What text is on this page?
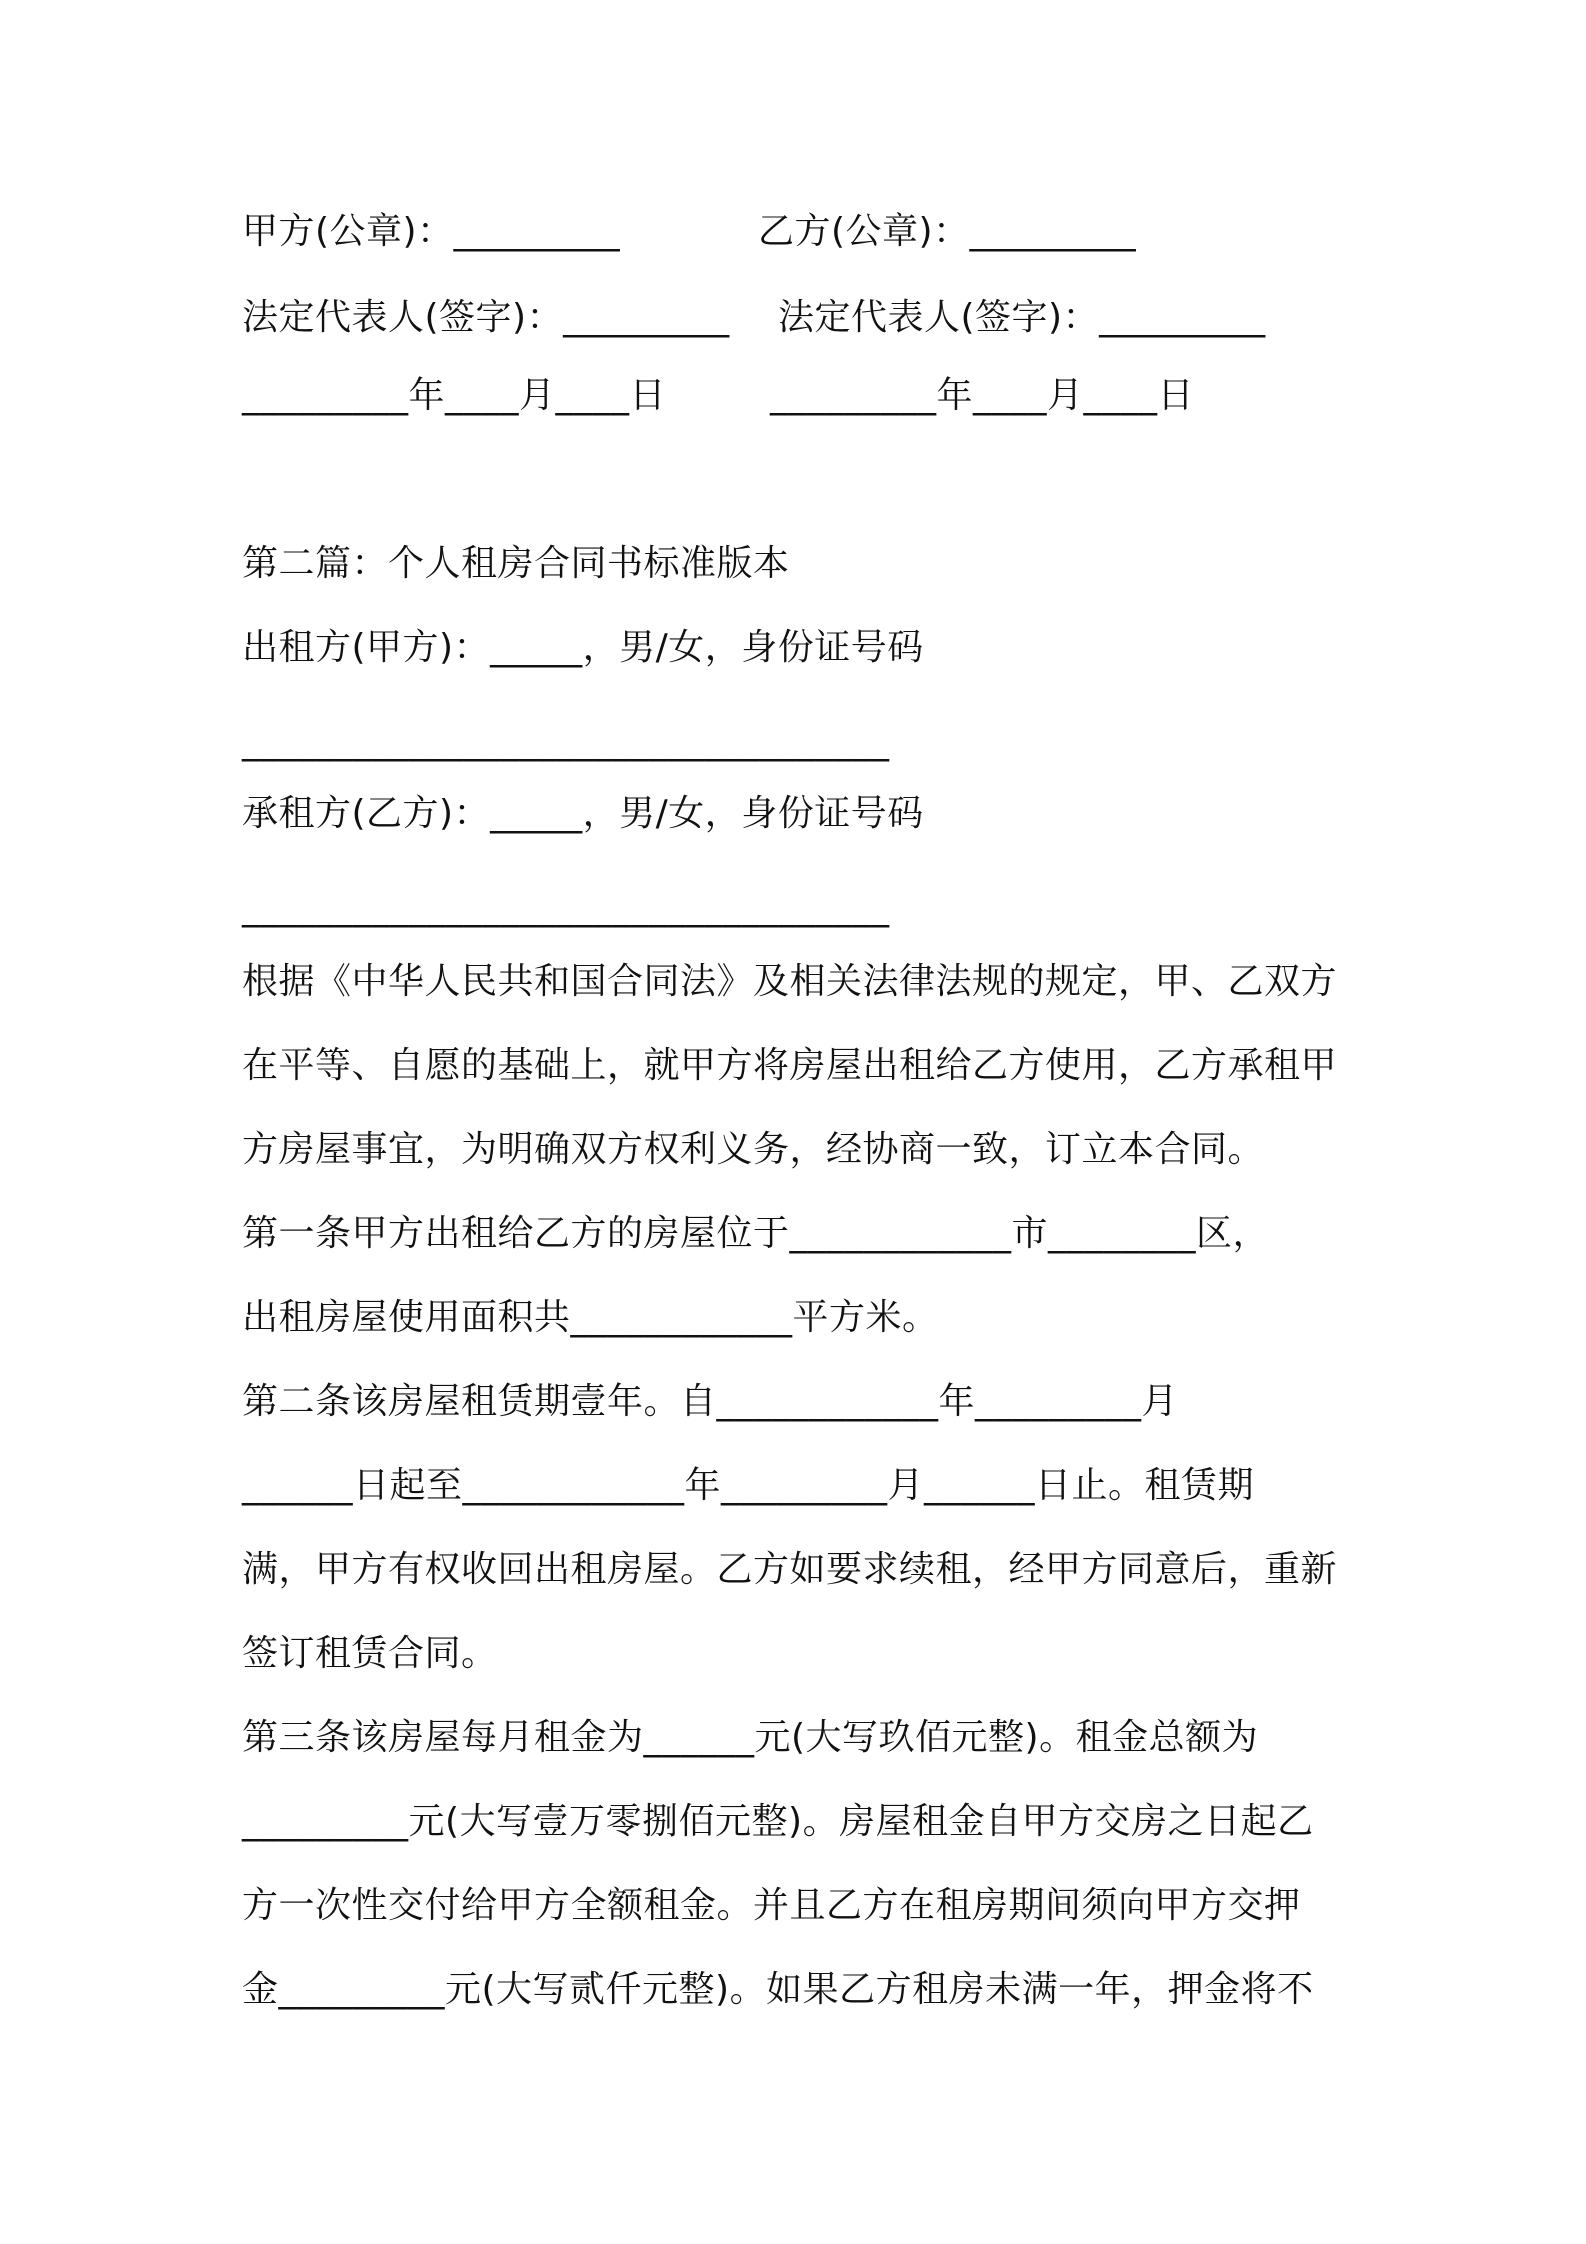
甲方(公章)：_________	乙方(公章)：_________
法定代表人(签字)：_________ 法定代表人(签字)：_________
_________年____月____日	_________年____月____日
第二篇：个人租房合同书标准版本
出租方(甲方)：_____，男/女，身份证号码
___________________________________
承租方(乙方)：_____，男/女，身份证号码
___________________________________
根据《中华人民共和国合同法》及相关法律法规的规定，甲、乙双方
在平等、自愿的基础上，就甲方将房屋出租给乙方使用，乙方承租甲
方房屋事宜，为明确双方权利义务，经协商一致，订立本合同。
第一条甲方出租给乙方的房屋位于____________市________区，
出租房屋使用面积共____________平方米。
第二条该房屋租赁期壹年。自____________年_________月
______日起至____________年_________月______日止。租赁期
满，甲方有权收回出租房屋。乙方如要求续租，经甲方同意后，重新
签订租赁合同。
第三条该房屋每月租金为______元(大写玖佰元整)。租金总额为
_________元(大写壹万零捌佰元整)。房屋租金自甲方交房之日起乙
方一次性交付给甲方全额租金。并且乙方在租房期间须向甲方交押
金_________元(大写贰仟元整)。如果乙方租房未满一年，押金将不
